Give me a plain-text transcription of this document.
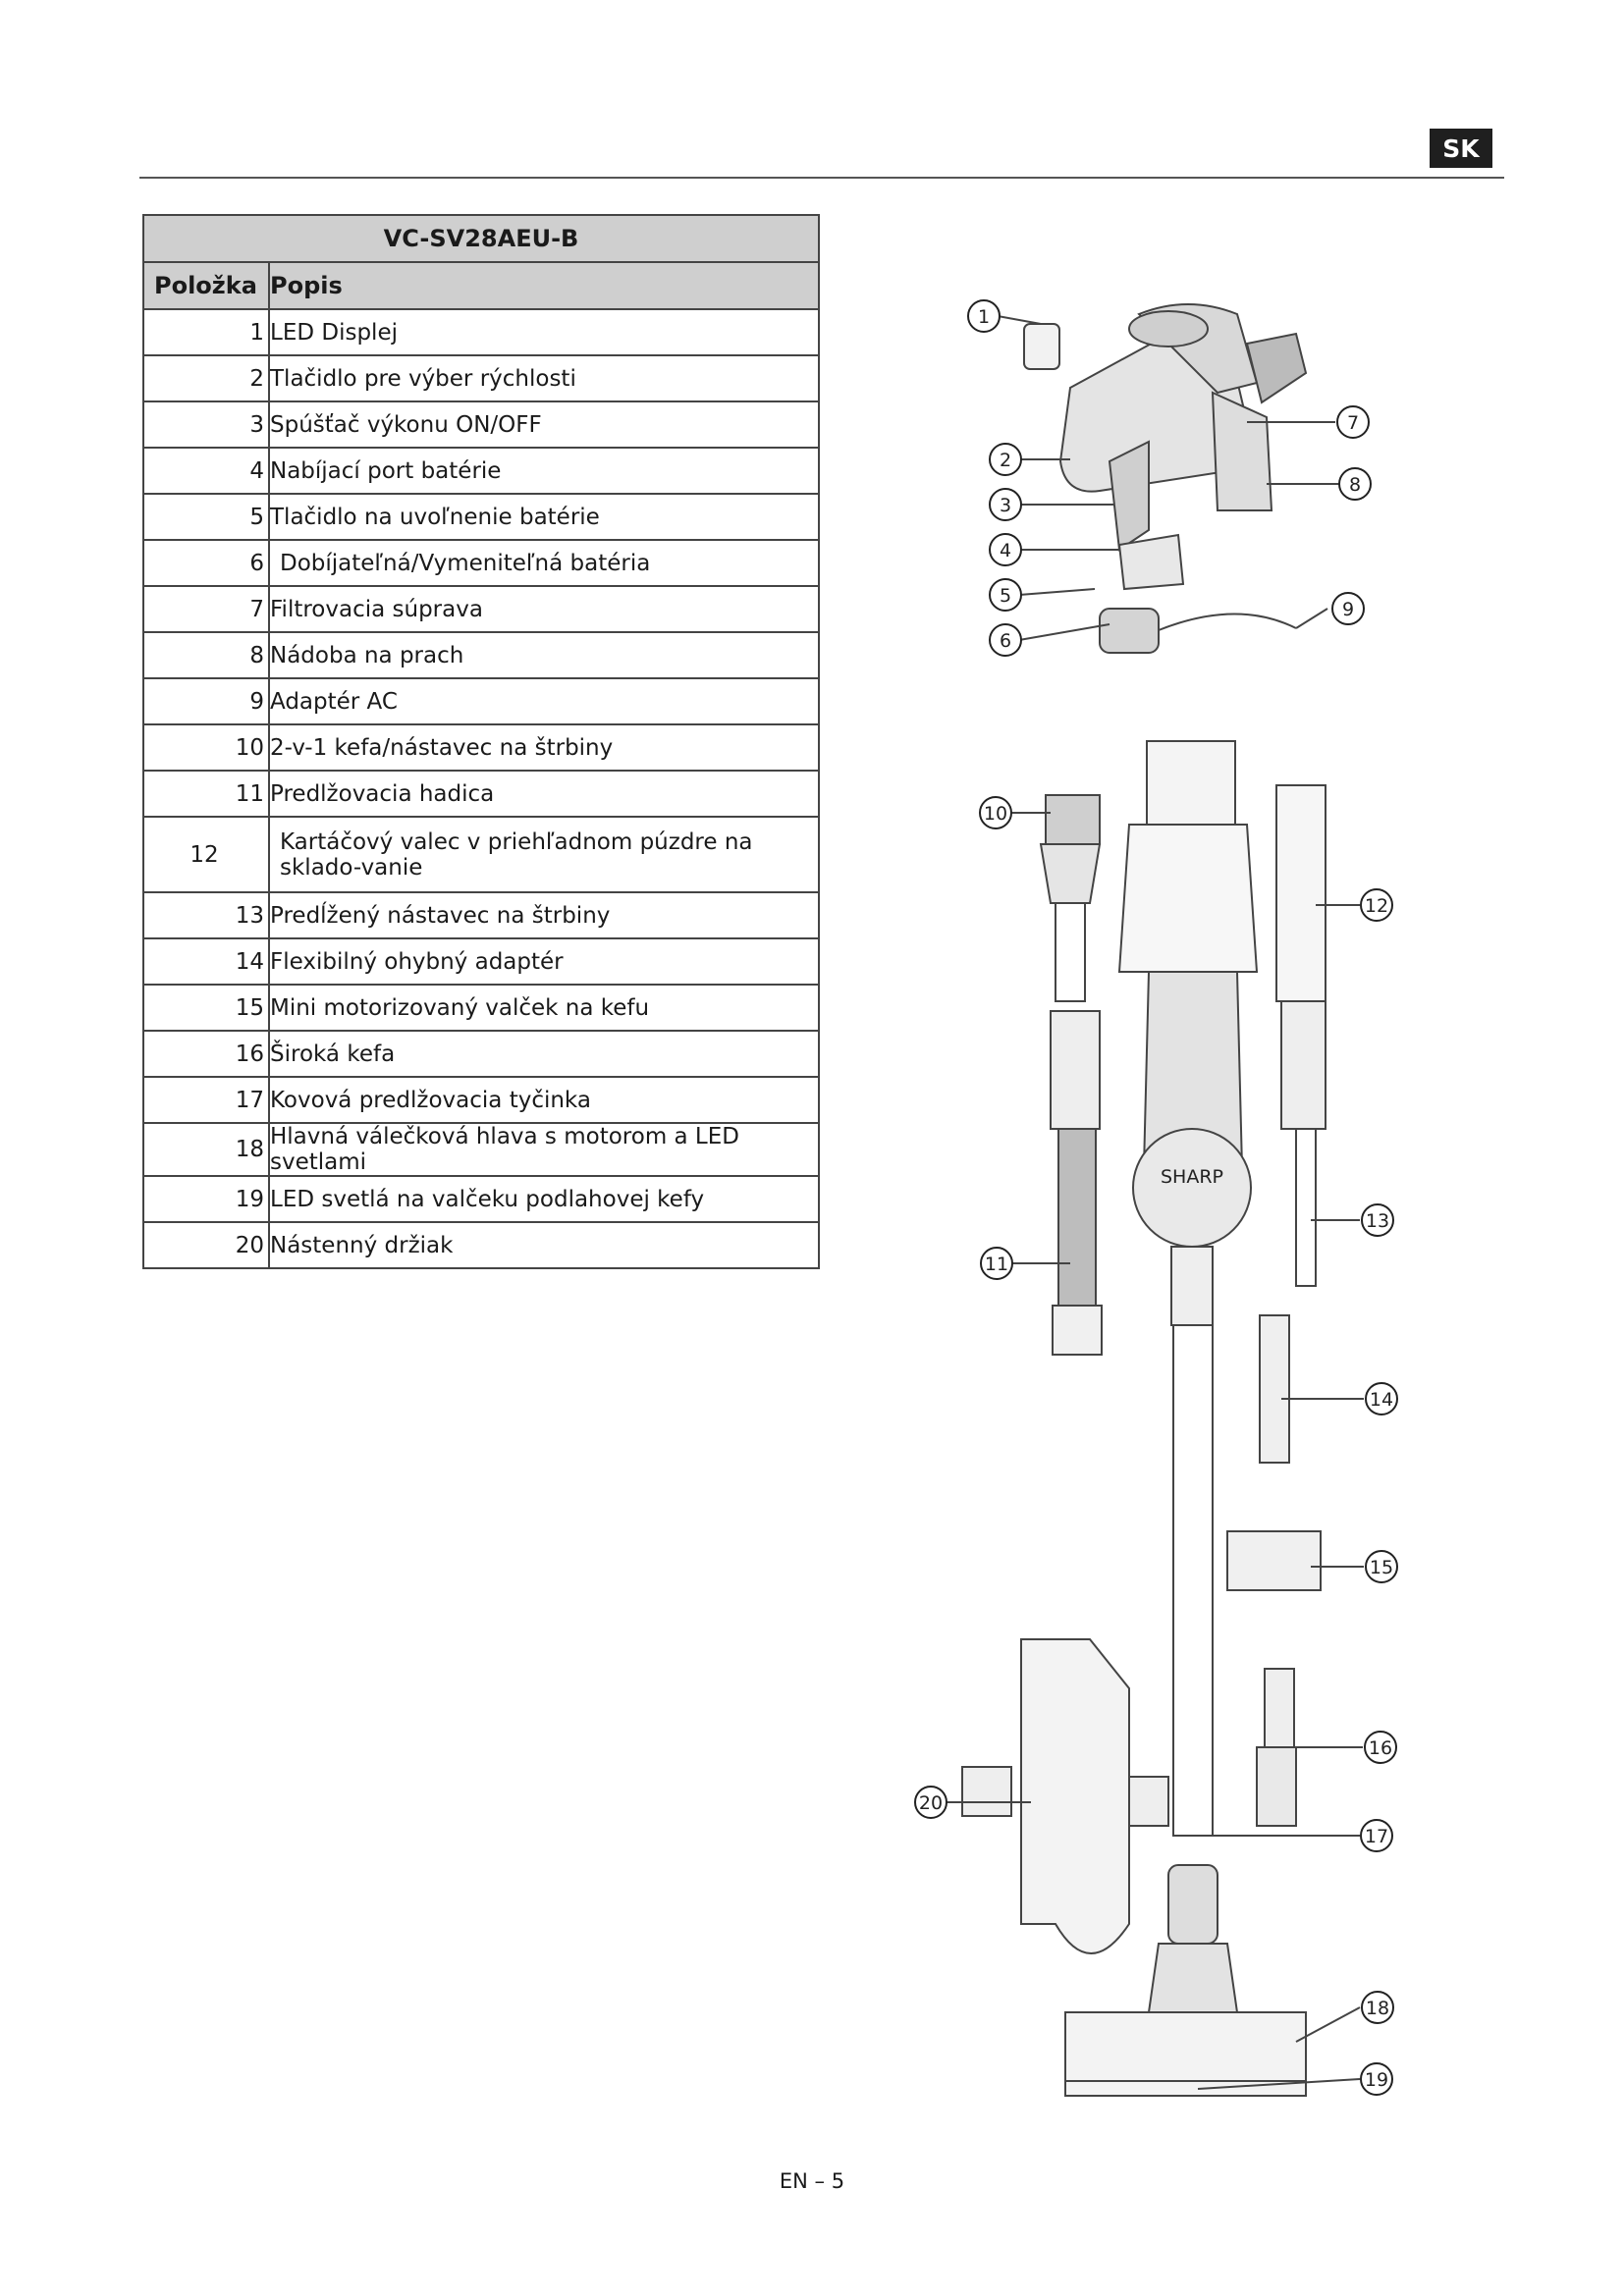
SK
VC-SV28AEU-B	
Položka	Popis
1	LED Displej
2	Tlačidlo pre výber rýchlosti
3	Spúšťač výkonu ON/OFF
4	Nabíjací port batérie
5	Tlačidlo na uvoľnenie batérie
6	Dobíjateľná/Vymeniteľná batéria
7	Filtrovacia súprava
8	Nádoba na prach
9	Adaptér AC
10	2-v-1 kefa/nástavec na štrbiny
11	Predlžovacia hadica
12	Kartáčový valec v priehľadnom púzdre na sklado-vanie
13	Predĺžený nástavec na štrbiny
14	Flexibilný ohybný adaptér
15	Mini motorizovaný valček na kefu
16	Široká kefa
17	Kovová predlžovacia tyčinka
18	Hlavná válečková hlava s motorom a LED svetlami
19	LED svetlá na valčeku podlahovej kefy
20	Nástenný držiak
SHARP
1
2
3
4
5
6
7
8
9
10
11
12
13
14
15
16
17
18
19
20
EN – 5
